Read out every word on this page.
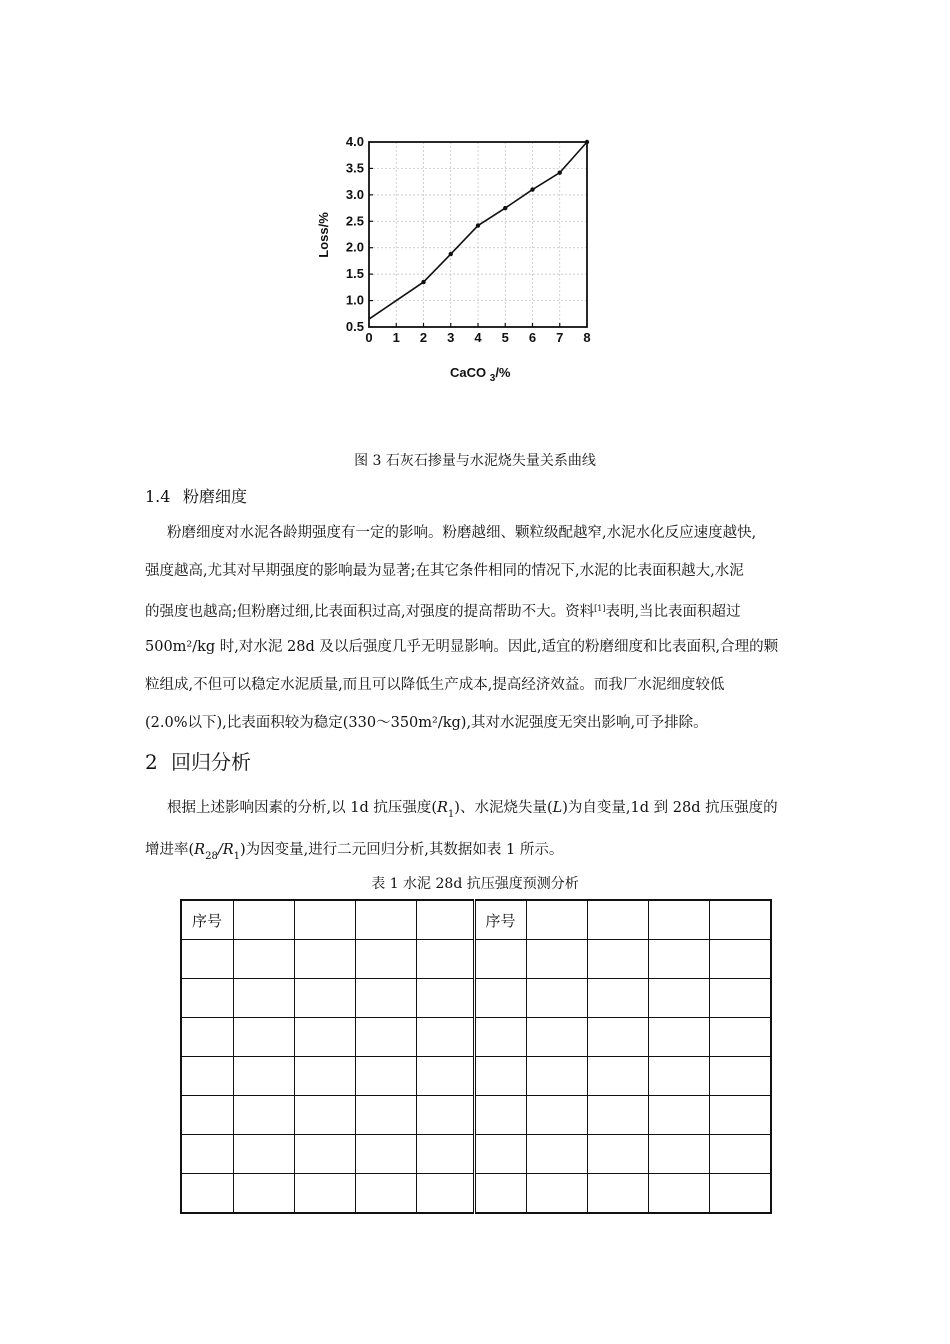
0 1 2 3 4 5 6 7 8
0.5
1.0
1.5
2.0
2.5
3.0
3.5
4.0
CaCO $_3$/%
Loss/%
图 3 石灰石掺量与水泥烧失量关系曲线
1.4 粉磨细度
粉磨细度对水泥各龄期强度有一定的影响。粉磨越细、颗粒级配越窄,水泥水化反应速度越快,
强度越高,尤其对早期强度的影响最为显著;在其它条件相同的情况下,水泥的比表面积越大,水泥
的强度也越高;但粉磨过细,比表面积过高,对强度的提高帮助不大。资料[1]表明,当比表面积超过
500m²/kg 时,对水泥 28d 及以后强度几乎无明显影响。因此,适宜的粉磨细度和比表面积,合理的颗
粒组成,不但可以稳定水泥质量,而且可以降低生产成本,提高经济效益。而我厂水泥细度较低
(2.0%以下),比表面积较为稳定(330～350m²/kg),其对水泥强度无突出影响,可予排除。
2 回归分析
根据上述影响因素的分析,以 1d 抗压强度$(R_1)$、水泥烧失量(L)为自变量,1d 到 28d 抗压强度的
增进率$(R_{28}/R_1)$为因变量,进行二元回归分析,其数据如表 1 所示。
表 1 水泥 28d 抗压强度预测分析
序号					序号				
